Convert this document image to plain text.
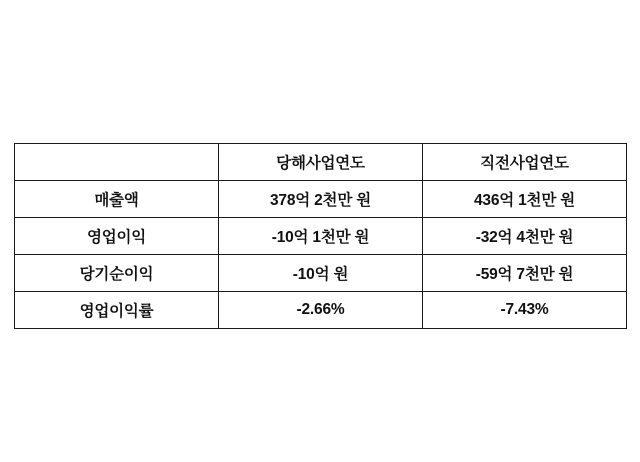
	당해사업연도	직전사업연도
매출액	378억 2천만 원	436억 1천만 원
영업이익	-10억 1천만 원	-32억 4천만 원
당기순이익	-10억 원	-59억 7천만 원
영업이익률	-2.66%	-7.43%
